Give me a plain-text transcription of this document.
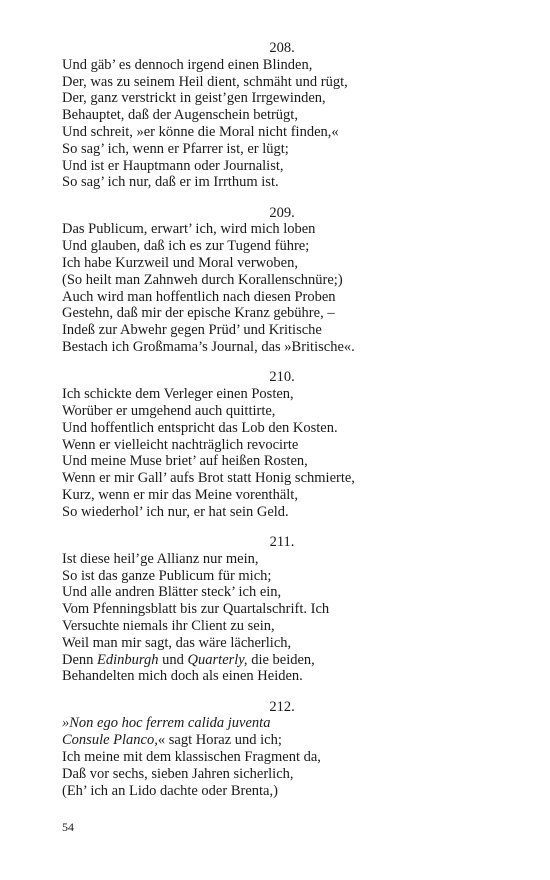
208.
Und gäb’ es dennoch irgend einen Blinden,
Der, was zu seinem Heil dient, schmäht und rügt,
Der, ganz verstrickt in geist’gen Irrgewinden,
Behauptet, daß der Augenschein betrügt,
Und schreit, »er könne die Moral nicht finden,«
So sag’ ich, wenn er Pfarrer ist, er lügt;
Und ist er Hauptmann oder Journalist,
So sag’ ich nur, daß er im Irrthum ist.
209.
Das Publicum, erwart’ ich, wird mich loben
Und glauben, daß ich es zur Tugend führe;
Ich habe Kurzweil und Moral verwoben,
(So heilt man Zahnweh durch Korallenschnüre;)
Auch wird man hoffentlich nach diesen Proben
Gestehn, daß mir der epische Kranz gebühre, –
Indeß zur Abwehr gegen Prüd’ und Kritische
Bestach ich Großmama’s Journal, das »Britische«.
210.
Ich schickte dem Verleger einen Posten,
Worüber er umgehend auch quittirte,
Und hoffentlich entspricht das Lob den Kosten.
Wenn er vielleicht nachträglich revocirte
Und meine Muse briet’ auf heißen Rosten,
Wenn er mir Gall’ aufs Brot statt Honig schmierte,
Kurz, wenn er mir das Meine vorenthält,
So wiederhol’ ich nur, er hat sein Geld.
211.
Ist diese heil’ge Allianz nur mein,
So ist das ganze Publicum für mich;
Und alle andren Blätter steck’ ich ein,
Vom Pfenningsblatt bis zur Quartalschrift. Ich
Versuchte niemals ihr Client zu sein,
Weil man mir sagt, das wäre lächerlich,
Denn Edinburgh und Quarterly, die beiden,
Behandelten mich doch als einen Heiden.
212.
»Non ego hoc ferrem calida juventa
Consule Planco,« sagt Horaz und ich;
Ich meine mit dem klassischen Fragment da,
Daß vor sechs, sieben Jahren sicherlich,
(Eh’ ich an Lido dachte oder Brenta,)
54
